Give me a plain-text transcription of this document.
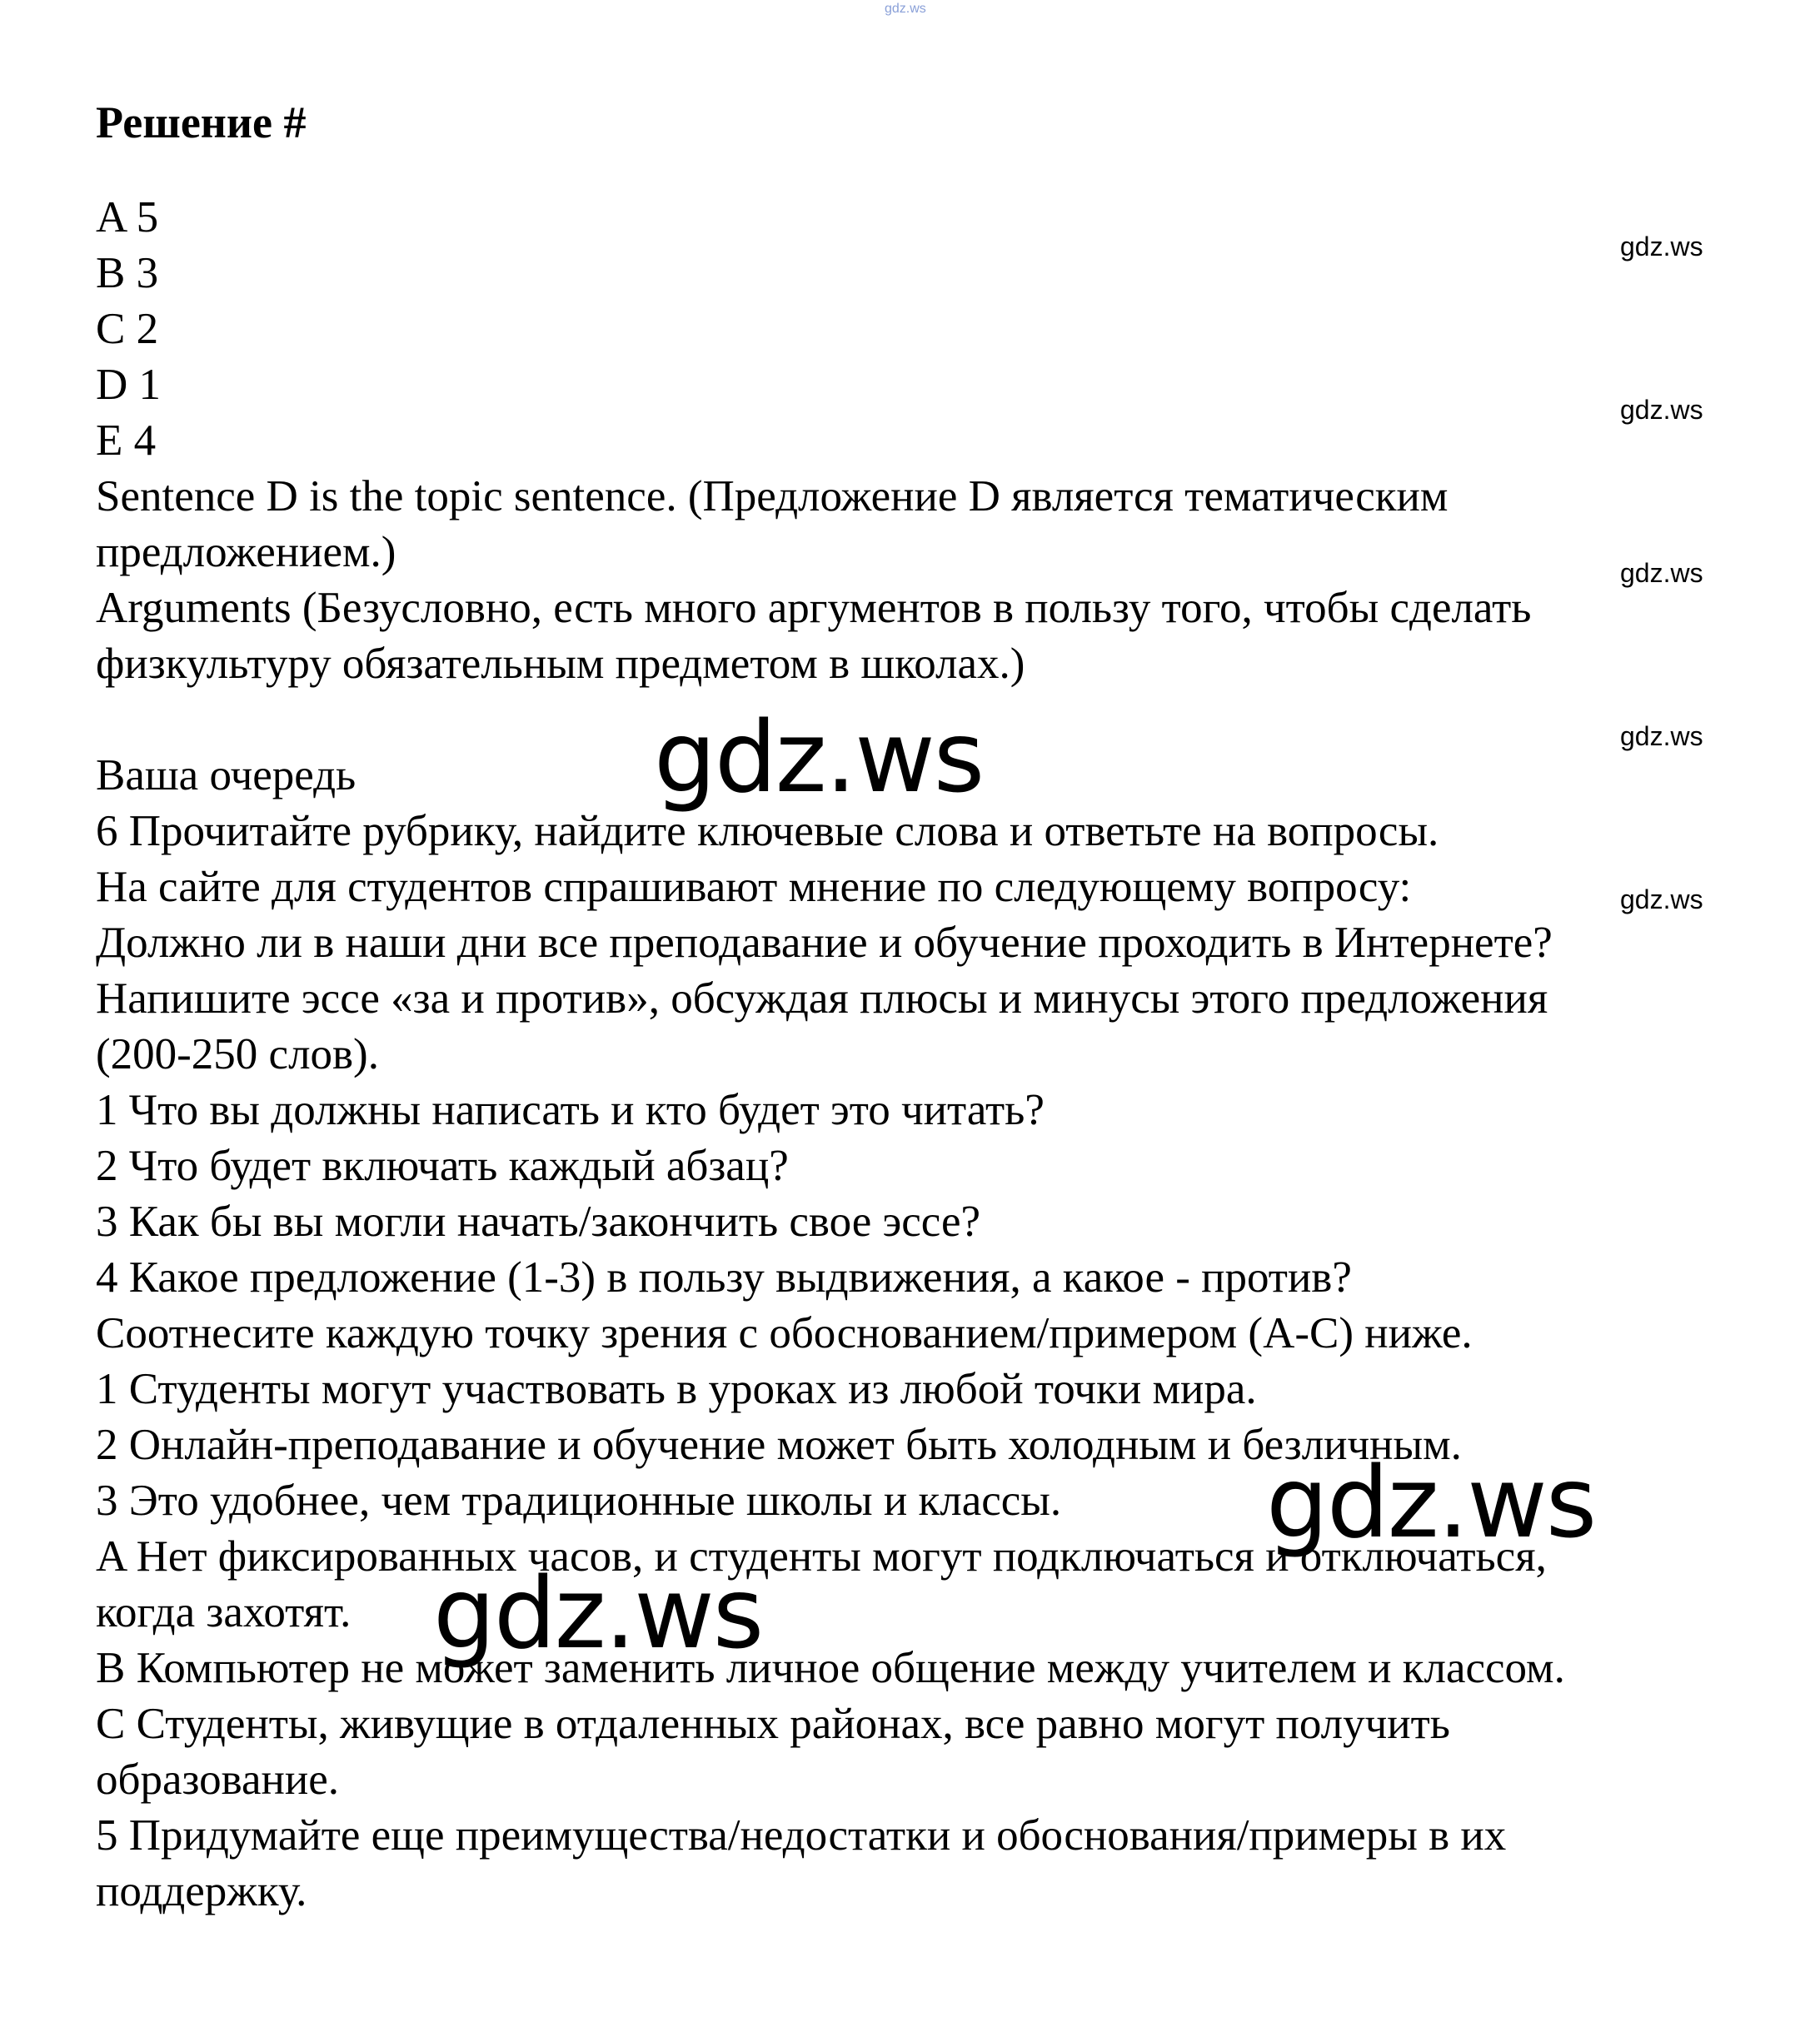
gdz.ws
Решение #
A 5
B 3
C 2
D 1
E 4
Sentence D is the topic sentence. (Предложение D является тематическим
предложением.)
Arguments (Безусловно, есть много аргументов в пользу того, чтобы сделать
физкультуру обязательным предметом в школах.)
Ваша очередь
6 Прочитайте рубрику, найдите ключевые слова и ответьте на вопросы.
На сайте для студентов спрашивают мнение по следующему вопросу:
Должно ли в наши дни все преподавание и обучение проходить в Интернете?
Напишите эссе «за и против», обсуждая плюсы и минусы этого предложения
(200-250 слов).
1 Что вы должны написать и кто будет это читать?
2 Что будет включать каждый абзац?
3 Как бы вы могли начать/закончить свое эссе?
4 Какое предложение (1-3) в пользу выдвижения, а какое - против?
Соотнесите каждую точку зрения с обоснованием/примером (A-C) ниже.
1 Студенты могут участвовать в уроках из любой точки мира.
2 Онлайн-преподавание и обучение может быть холодным и безличным.
3 Это удобнее, чем традиционные школы и классы.
A Нет фиксированных часов, и студенты могут подключаться и отключаться,
когда захотят.
B Компьютер не может заменить личное общение между учителем и классом.
C Студенты, живущие в отдаленных районах, все равно могут получить
образование.
5 Придумайте еще преимущества/недостатки и обоснования/примеры в их
поддержку.
gdz.ws
gdz.ws
gdz.ws
gdz.ws
gdz.ws
gdz.ws
gdz.ws
gdz.ws
